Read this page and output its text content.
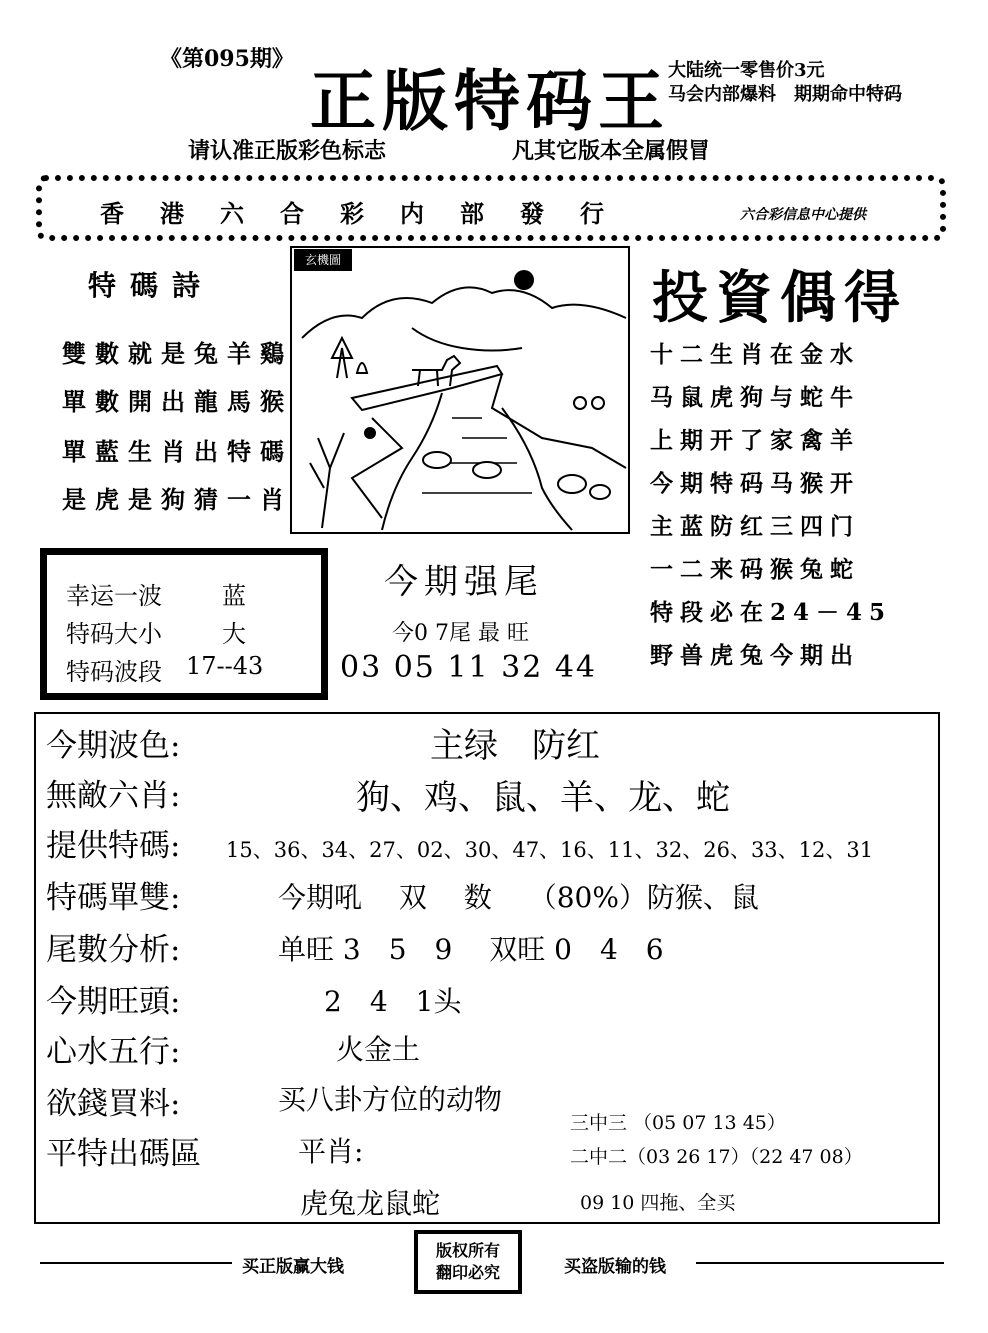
《第095期》
正版特码王
大陆统一零售价3元
马会内部爆料　期期命中特码
请认准正版彩色标志	凡其它版本全属假冒
香港六合彩内部發行	六合彩信息中心提供
特碼詩
雙數就是兔羊鷄
單數開出龍馬猴
單藍生肖出特碼
是虎是狗猜一肖
玄機圖
投資偶得
十二生肖在金水
马鼠虎狗与蛇牛
上期开了家禽羊
今期特码马猴开
主蓝防红三四门
一二来码猴兔蛇
特段必在24－45
野兽虎兔今期出
幸运一波	蓝
特码大小	大
特码波段 17--43
今期强尾
今0 7尾 最 旺
03 05 11 32 44
今期波色:	主绿　防红
無敵六肖:	狗、鸡、鼠、羊、龙、蛇
提供特碼: 15、36、34、27、02、30、47、16、11、32、26、33、12、31
特碼單雙:	今期吼　 双　 数　 （80%）防猴、鼠
尾數分析:	单旺 3　5　9　 双旺 0　4　6
今期旺頭:	2　4　1头
心水五行:	火金土
欲錢買料:	买八卦方位的动物
平特出碼區	平肖:
三中三 （05 07 13 45）
二中二（03 26 17）（22 47 08）
虎兔龙鼠蛇	09 10 四拖、全买
买正版赢大钱	买盗版输的钱
版权所有
翻印必究
